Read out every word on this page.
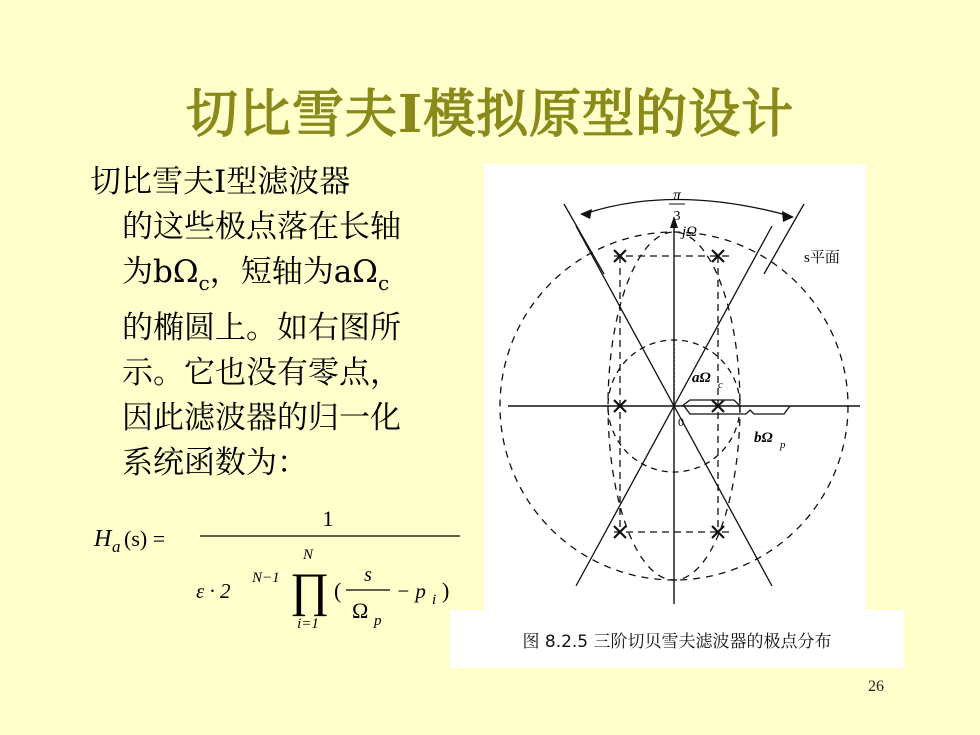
切比雪夫I模拟原型的设计
切比雪夫Ⅰ型滤波器
的这些极点落在长轴
为$b\Omega_c$，短轴为$a\Omega_c$
的椭圆上。如右图所
示。它也没有零点，
因此滤波器的归一化
系统函数为：
H a (s) =
1
ε · 2
N−1
N
∏
i=1
(
s
Ω p
− p i )
π
3
jΩ
s平面
0
aΩ c
bΩ p
图 8.2.5 三阶切贝雪夫滤波器的极点分布
26
